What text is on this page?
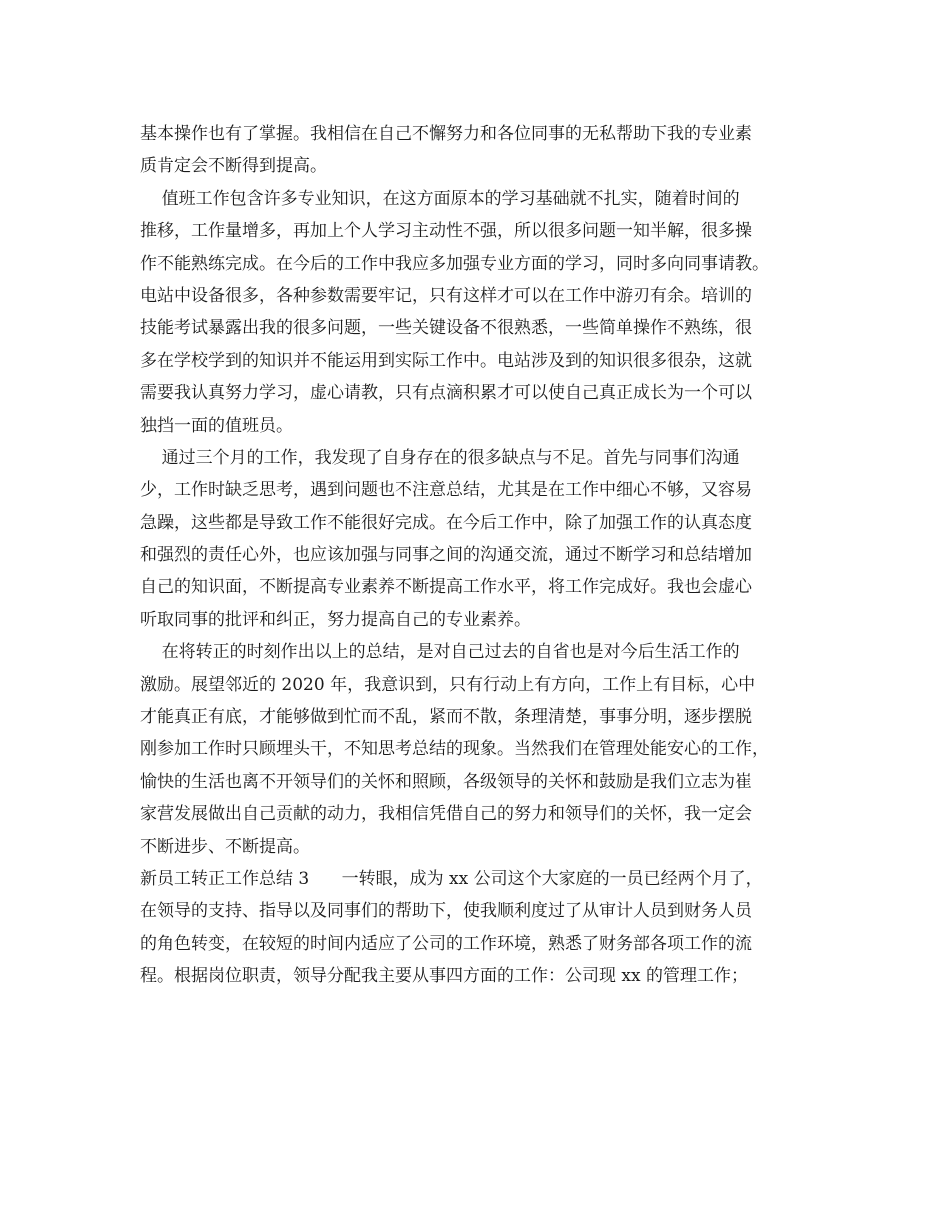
基本操作也有了掌握。我相信在自己不懈努力和各位同事的无私帮助下我的专业素
质肯定会不断得到提高。
值班工作包含许多专业知识，在这方面原本的学习基础就不扎实，随着时间的
推移，工作量增多，再加上个人学习主动性不强，所以很多问题一知半解，很多操
作不能熟练完成。在今后的工作中我应多加强专业方面的学习，同时多向同事请教。
电站中设备很多，各种参数需要牢记，只有这样才可以在工作中游刃有余。培训的
技能考试暴露出我的很多问题，一些关键设备不很熟悉，一些简单操作不熟练，很
多在学校学到的知识并不能运用到实际工作中。电站涉及到的知识很多很杂，这就
需要我认真努力学习，虚心请教，只有点滴积累才可以使自己真正成长为一个可以
独挡一面的值班员。
通过三个月的工作，我发现了自身存在的很多缺点与不足。首先与同事们沟通
少，工作时缺乏思考，遇到问题也不注意总结，尤其是在工作中细心不够，又容易
急躁，这些都是导致工作不能很好完成。在今后工作中，除了加强工作的认真态度
和强烈的责任心外，也应该加强与同事之间的沟通交流，通过不断学习和总结增加
自己的知识面，不断提高专业素养不断提高工作水平，将工作完成好。我也会虚心
听取同事的批评和纠正，努力提高自己的专业素养。
在将转正的时刻作出以上的总结，是对自己过去的自省也是对今后生活工作的
激励。展望邻近的 2020 年，我意识到，只有行动上有方向，工作上有目标，心中
才能真正有底，才能够做到忙而不乱，紧而不散，条理清楚，事事分明，逐步摆脱
刚参加工作时只顾埋头干，不知思考总结的现象。当然我们在管理处能安心的工作，
愉快的生活也离不开领导们的关怀和照顾，各级领导的关怀和鼓励是我们立志为崔
家营发展做出自己贡献的动力，我相信凭借自己的努力和领导们的关怀，我一定会
不断进步、不断提高。
新员工转正工作总结 3      一转眼，成为 xx 公司这个大家庭的一员已经两个月了，
在领导的支持、指导以及同事们的帮助下，使我顺利度过了从审计人员到财务人员
的角色转变，在较短的时间内适应了公司的工作环境，熟悉了财务部各项工作的流
程。根据岗位职责，领导分配我主要从事四方面的工作：公司现 xx 的管理工作；
